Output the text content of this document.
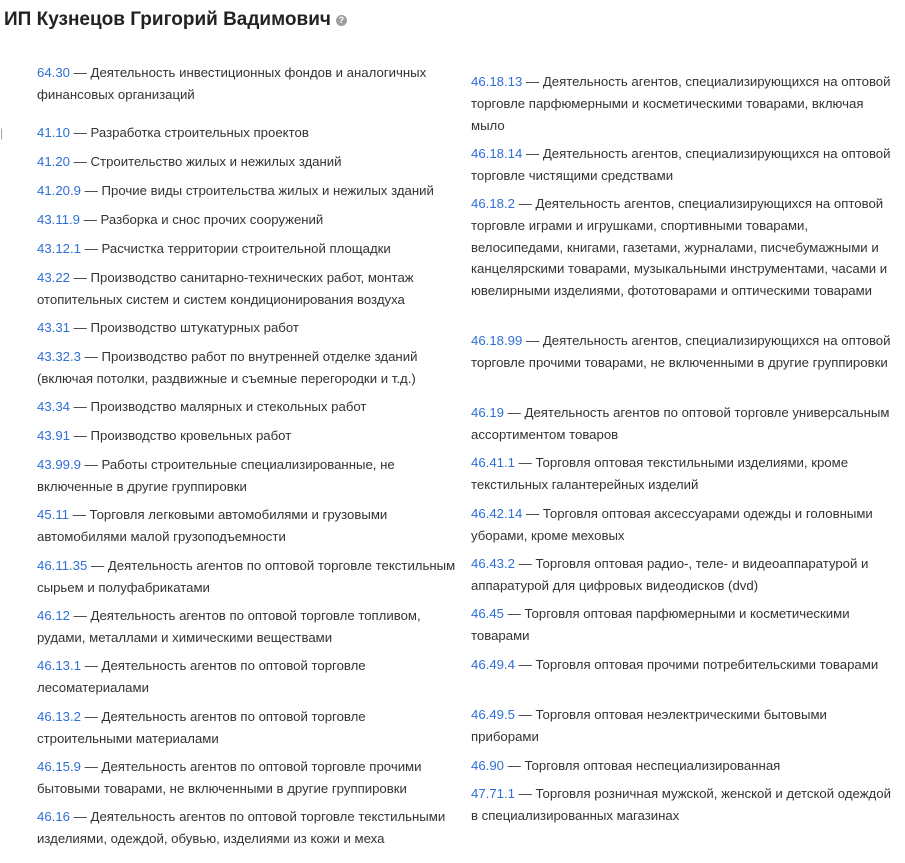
ИП Кузнецов Григорий Вадимович ?
|
64.30 — Деятельность инвестиционных фондов и аналогичных финансовых организаций
41.10 — Разработка строительных проектов
41.20 — Строительство жилых и нежилых зданий
41.20.9 — Прочие виды строительства жилых и нежилых зданий
43.11.9 — Разборка и снос прочих сооружений
43.12.1 — Расчистка территории строительной площадки
43.22 — Производство санитарно-технических работ, монтаж отопительных систем и систем кондиционирования воздуха
43.31 — Производство штукатурных работ
43.32.3 — Производство работ по внутренней отделке зданий (включая потолки, раздвижные и съемные перегородки и т.д.)
43.34 — Производство малярных и стекольных работ
43.91 — Производство кровельных работ
43.99.9 — Работы строительные специализированные, не включенные в другие группировки
45.11 — Торговля легковыми автомобилями и грузовыми автомобилями малой грузоподъемности
46.11.35 — Деятельность агентов по оптовой торговле текстильным сырьем и полуфабрикатами
46.12 — Деятельность агентов по оптовой торговле топливом, рудами, металлами и химическими веществами
46.13.1 — Деятельность агентов по оптовой торговле лесоматериалами
46.13.2 — Деятельность агентов по оптовой торговле строительными материалами
46.15.9 — Деятельность агентов по оптовой торговле прочими бытовыми товарами, не включенными в другие группировки
46.16 — Деятельность агентов по оптовой торговле текстильными изделиями, одеждой, обувью, изделиями из кожи и меха
46.18.13 — Деятельность агентов, специализирующихся на оптовой торговле парфюмерными и косметическими товарами, включая мыло
46.18.14 — Деятельность агентов, специализирующихся на оптовой торговле чистящими средствами
46.18.2 — Деятельность агентов, специализирующихся на оптовой торговле играми и игрушками, спортивными товарами, велосипедами, книгами, газетами, журналами, писчебумажными и канцелярскими товарами, музыкальными инструментами, часами и ювелирными изделиями, фототоварами и оптическими товарами
46.18.99 — Деятельность агентов, специализирующихся на оптовой торговле прочими товарами, не включенными в другие группировки
46.19 — Деятельность агентов по оптовой торговле универсальным ассортиментом товаров
46.41.1 — Торговля оптовая текстильными изделиями, кроме текстильных галантерейных изделий
46.42.14 — Торговля оптовая аксессуарами одежды и головными уборами, кроме меховых
46.43.2 — Торговля оптовая радио-, теле- и видеоаппаратурой и аппаратурой для цифровых видеодисков (dvd)
46.45 — Торговля оптовая парфюмерными и косметическими товарами
46.49.4 — Торговля оптовая прочими потребительскими товарами
46.49.5 — Торговля оптовая неэлектрическими бытовыми приборами
46.90 — Торговля оптовая неспециализированная
47.71.1 — Торговля розничная мужской, женской и детской одеждой в специализированных магазинах
